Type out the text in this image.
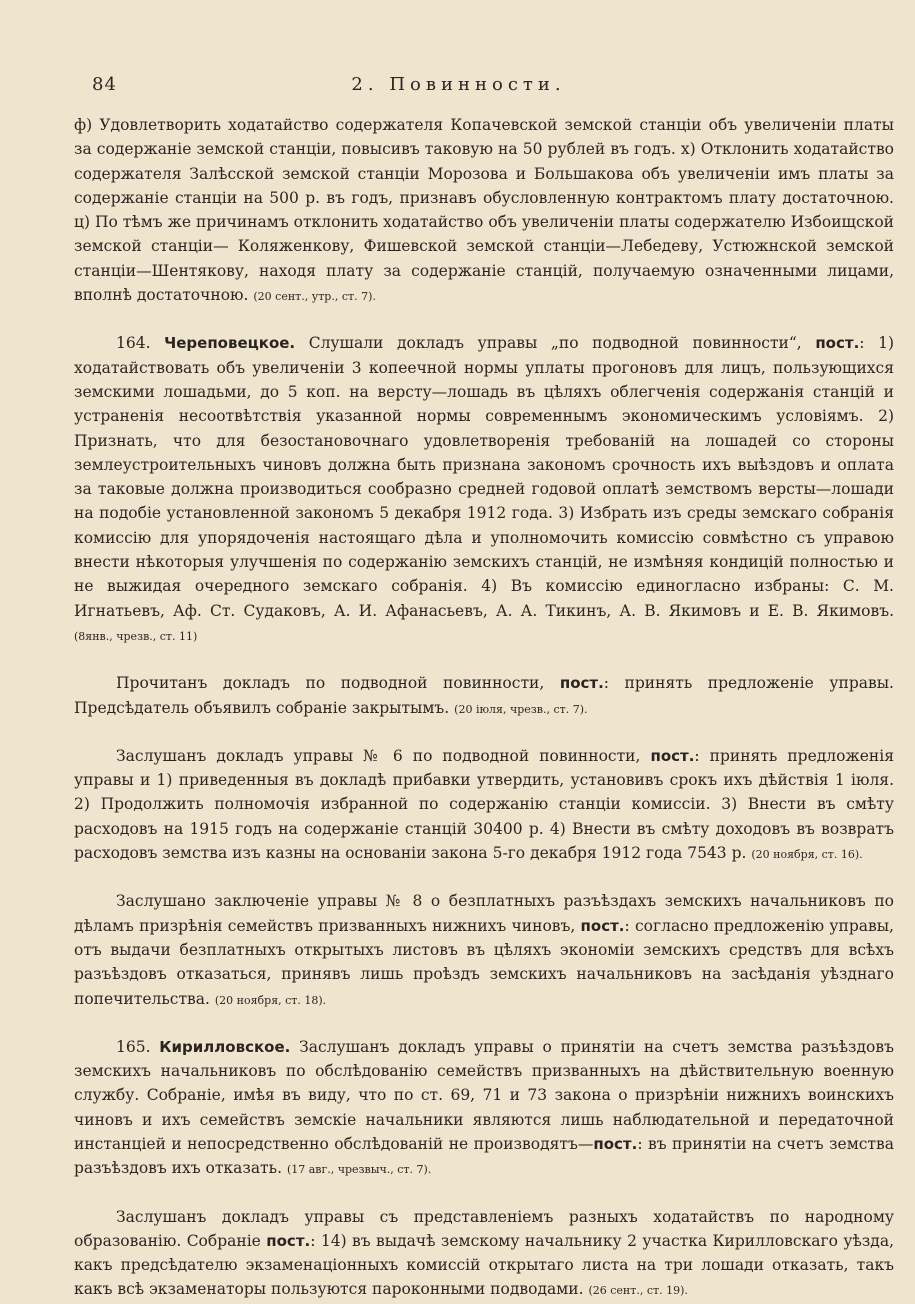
84	2. Повинности.

ф) Удовлетворить ходатайство содержателя Копачевской земской станціи объ увеличеніи платы за содержаніе земской станціи, повысивъ таковую на 50 рублей въ годъ. х) Отклонить ходатайство содержателя Залѣсской земской станціи Морозова и Большакова объ увеличеніи имъ платы за содержаніе станціи на 500 р. въ годъ, признавъ обусловленную контрактомъ плату достаточною. ц) По тѣмъ же причинамъ отклонить ходатайство объ увеличеніи платы содержателю Избоищской земской станціи— Коляженкову, Фишевской земской станціи—Лебедеву, Устюжнской земской станціи—Шентякову, находя плату за содержаніе станцій, получаемую означенными лицами, вполнѣ достаточною. (20 сент., утр., ст. 7).

164. Череповецкое. Слушали докладъ управы „по подводной повинности“, пост.: 1) ходатайствовать объ увеличеніи 3 копеечной нормы уплаты прогоновъ для лицъ, пользующихся земскими лошадьми, до 5 коп. на версту—лошадь въ цѣляхъ облегченія содержанія станцій и устраненія несоотвѣтствія указанной нормы современнымъ экономическимъ условіямъ. 2) Признать, что для безостановочнаго удовлетворенія требованій на лошадей со стороны землеустроительныхъ чиновъ должна быть признана закономъ срочность ихъ выѣздовъ и оплата за таковые должна производиться сообразно средней годовой оплатѣ земствомъ версты—лошади на подобіе установленной закономъ 5 декабря 1912 года. 3) Избрать изъ среды земскаго собранія комиссію для упорядоченія настоящаго дѣла и уполномочить комиссію совмѣстно съ управою внести нѣкоторыя улучшенія по содержанію земскихъ станцій, не измѣняя кондицій полностью и не выжидая очередного земскаго собранія. 4) Въ комиссію единогласно избраны: С. М. Игнатьевъ, Аф. Ст. Судаковъ, А. И. Афанасьевъ, А. А. Тикинъ, А. В. Якимовъ и Е. В. Якимовъ. (8янв., чрезв., ст. 11)

Прочитанъ докладъ по подводной повинности, пост.: принять предложеніе управы. Предсѣдатель объявилъ собраніе закрытымъ. (20 іюля, чрезв., ст. 7).

Заслушанъ докладъ управы № 6 по подводной повинности, пост.: принять предложенія управы и 1) приведенныя въ докладѣ прибавки утвердить, установивъ срокъ ихъ дѣйствія 1 іюля. 2) Продолжить полномочія избранной по содержанію станціи комиссіи. 3) Внести въ смѣту расходовъ на 1915 годъ на содержаніе станцій 30400 р. 4) Внести въ смѣту доходовъ въ возвратъ расходовъ земства изъ казны на основаніи закона 5-го декабря 1912 года 7543 р. (20 ноября, ст. 16).

Заслушано заключеніе управы № 8 о безплатныхъ разъѣздахъ земскихъ начальниковъ по дѣламъ призрѣнія семействъ призванныхъ нижнихъ чиновъ, пост.: согласно предложенію управы, отъ выдачи безплатныхъ открытыхъ листовъ въ цѣляхъ экономіи земскихъ средствъ для всѣхъ разъѣздовъ отказаться, принявъ лишь проѣздъ земскихъ начальниковъ на засѣданія уѣзднаго попечительства. (20 ноября, ст. 18).

165. Кирилловское. Заслушанъ докладъ управы о принятіи на счетъ земства разъѣздовъ земскихъ начальниковъ по обслѣдованію семействъ призванныхъ на дѣйствительную военную службу. Собраніе, имѣя въ виду, что по ст. 69, 71 и 73 закона о призрѣніи нижнихъ воинскихъ чиновъ и ихъ семействъ земскіе начальники являются лишь наблюдательной и передаточной инстанціей и непосредственно обслѣдованій не производятъ—пост.: въ принятіи на счетъ земства разъѣздовъ ихъ отказать. (17 авг., чрезвыч., ст. 7).

Заслушанъ докладъ управы съ представленіемъ разныхъ ходатайствъ по народному образованію. Собраніе пост.: 14) въ выдачѣ земскому начальнику 2 участка Кирилловскаго уѣзда, какъ предсѣдателю экзаменаціонныхъ комиссій открытаго листа на три лошади отказать, такъ какъ всѣ экзаменаторы пользуются пароконными подводами. (26 сент., ст. 19).
